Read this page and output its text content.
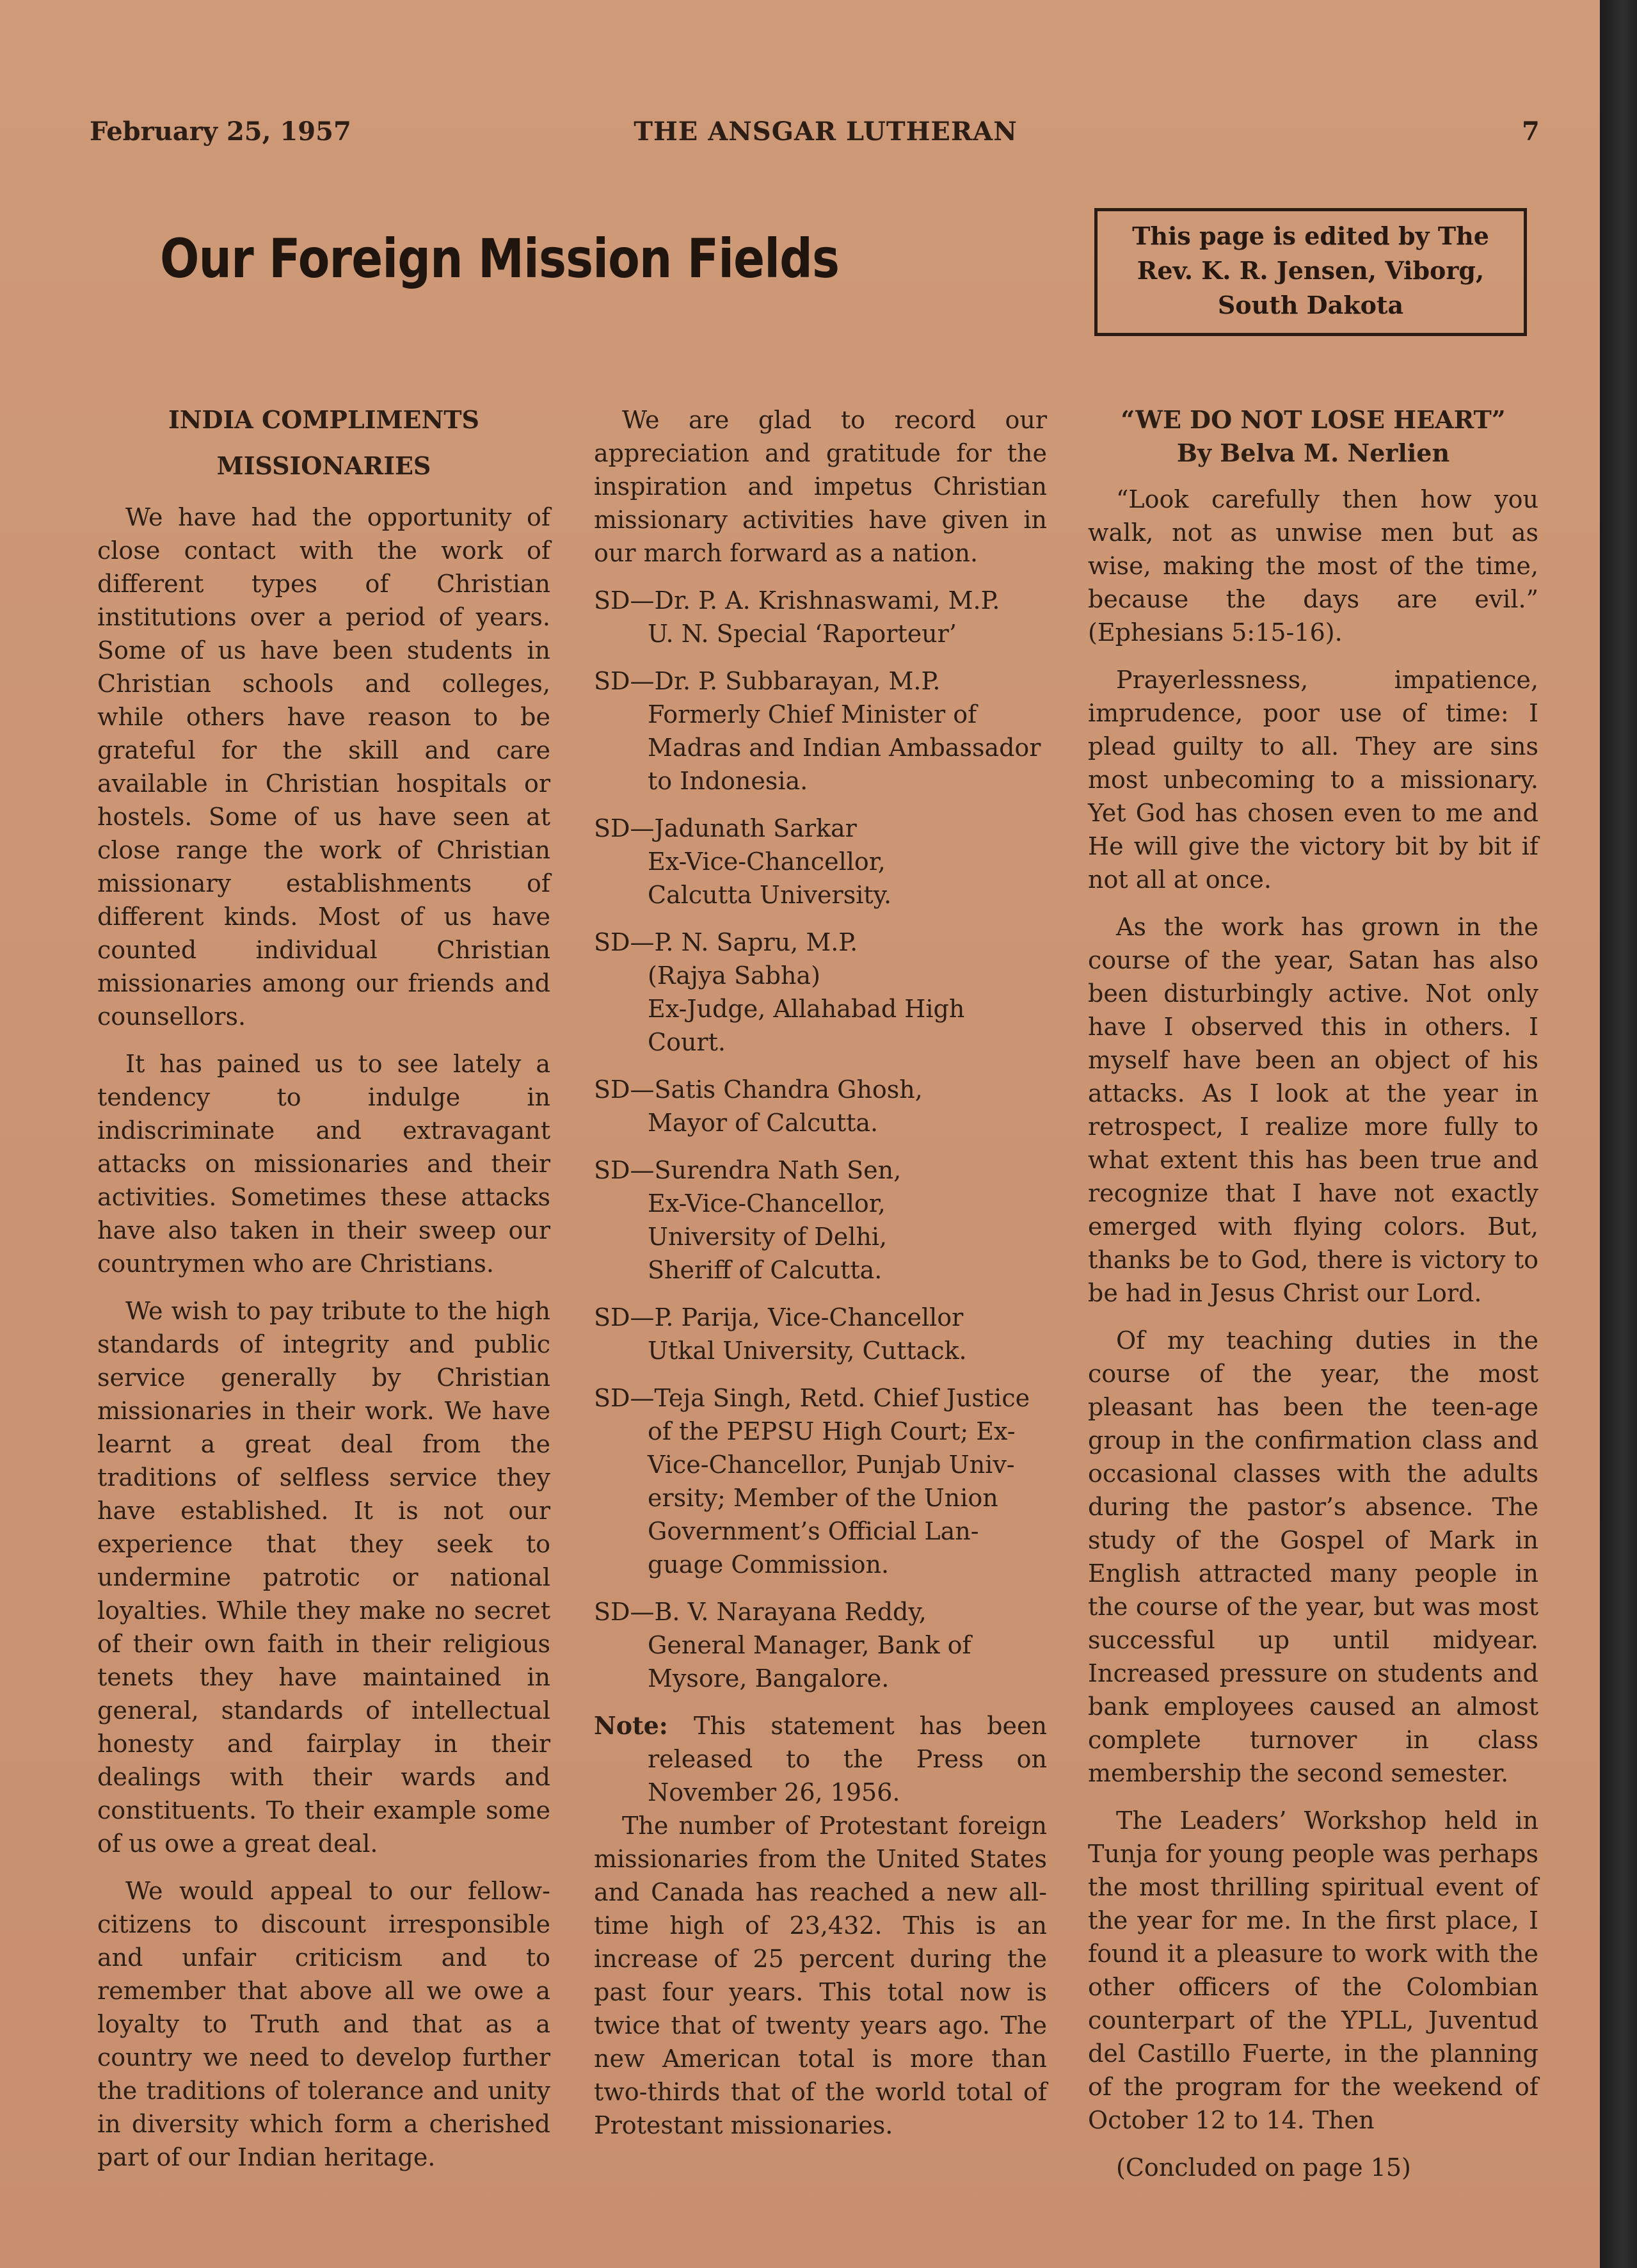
February 25, 1957	THE ANSGAR LUTHERAN	7
Our Foreign Mission Fields	This page is edited by The
Rev. K. R. Jensen, Viborg,
South Dakota

INDIA COMPLIMENTS

MISSIONARIES

We have had the opportunity of close contact with the work of different types of Christian institutions over a period of years. Some of us have been students in Christian schools and colleges, while others have reason to be grateful for the skill and care available in Christian hospitals or hostels. Some of us have seen at close range the work of Christian missionary establishments of different kinds. Most of us have counted individual Christian missionaries among our friends and counsellors.

It has pained us to see lately a tendency to indulge in indiscriminate and extravagant attacks on missionaries and their activities. Sometimes these attacks have also taken in their sweep our countrymen who are Christians.

We wish to pay tribute to the high standards of integrity and public service generally by Christian missionaries in their work. We have learnt a great deal from the traditions of selfless service they have established. It is not our experience that they seek to undermine patrotic or national loyalties. While they make no secret of their own faith in their religious tenets they have maintained in general, standards of intellectual honesty and fairplay in their dealings with their wards and constituents. To their example some of us owe a great deal.

We would appeal to our fellow-citizens to discount irresponsible and unfair criticism and to remember that above all we owe a loyalty to Truth and that as a country we need to develop further the traditions of tolerance and unity in diversity which form a cherished part of our Indian heritage.

We are glad to record our appreciation and gratitude for the inspiration and impetus Christian missionary activities have given in our march forward as a nation.

SD—Dr. P. A. Krishnaswami, M.P.
U. N. Special ‘Raporteur’
SD—Dr. P. Subbarayan, M.P.
Formerly Chief Minister of
Madras and Indian Ambassador
to Indonesia.
SD—Jadunath Sarkar
Ex-Vice-Chancellor,
Calcutta University.
SD—P. N. Sapru, M.P.
(Rajya Sabha)
Ex-Judge, Allahabad High
Court.
SD—Satis Chandra Ghosh,
Mayor of Calcutta.
SD—Surendra Nath Sen,
Ex-Vice-Chancellor,
University of Delhi,
Sheriff of Calcutta.
SD—P. Parija, Vice-Chancellor
Utkal University, Cuttack.
SD—Teja Singh, Retd. Chief Justice
of the PEPSU High Court; Ex-
Vice-Chancellor, Punjab Univ-
ersity; Member of the Union
Government’s Official Lan-
guage Commission.
SD—B. V. Narayana Reddy,
General Manager, Bank of
Mysore, Bangalore.
Note:	This statement has been released to the Press on November 26, 1956.

The number of Protestant foreign missionaries from the United States and Canada has reached a new all-time high of 23,432. This is an increase of 25 percent during the past four years. This total now is twice that of twenty years ago. The new American total is more than two-thirds that of the world total of Protestant missionaries.

“WE DO NOT LOSE HEART”

By Belva M. Nerlien

“Look carefully then how you walk, not as unwise men but as wise, making the most of the time, because the days are evil.” (Ephesians 5:15-16).

Prayerlessness, impatience, imprudence, poor use of time: I plead guilty to all. They are sins most unbecoming to a missionary. Yet God has chosen even to me and He will give the victory bit by bit if not all at once.

As the work has grown in the course of the year, Satan has also been disturbingly active. Not only have I observed this in others. I myself have been an object of his attacks. As I look at the year in retrospect, I realize more fully to what extent this has been true and recognize that I have not exactly emerged with flying colors. But, thanks be to God, there is victory to be had in Jesus Christ our Lord.

Of my teaching duties in the course of the year, the most pleasant has been the teen-age group in the confirmation class and occasional classes with the adults during the pastor’s absence. The study of the Gospel of Mark in English attracted many people in the course of the year, but was most successful up until midyear. Increased pressure on students and bank employees caused an almost complete turnover in class membership the second semester.

The Leaders’ Workshop held in Tunja for young people was perhaps the most thrilling spiritual event of the year for me. In the first place, I found it a pleasure to work with the other officers of the Colombian counterpart of the YPLL, Juventud del Castillo Fuerte, in the planning of the program for the weekend of October 12 to 14. Then

(Concluded on page 15)
